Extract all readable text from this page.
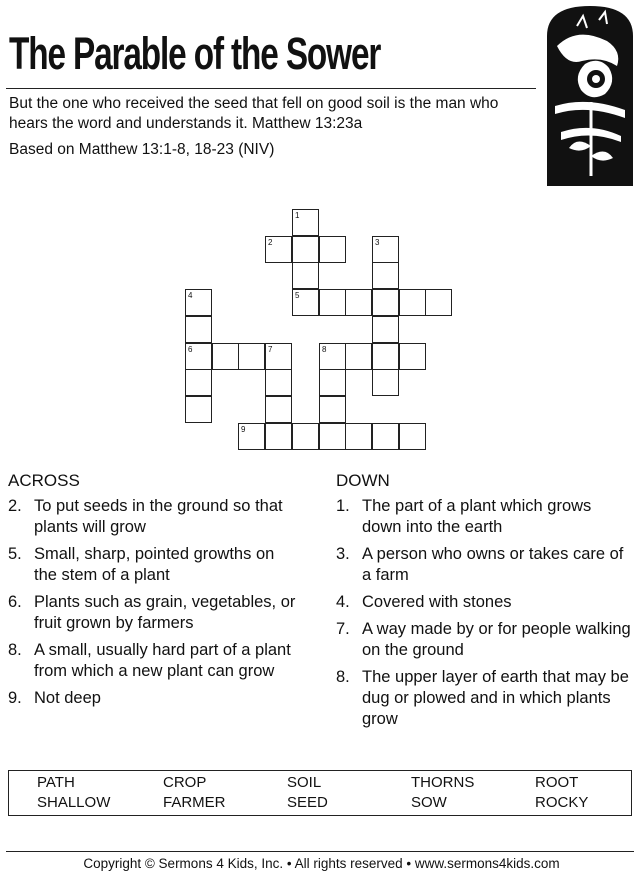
The Parable of the Sower

But the one who received the seed that fell on good soil is the man who hears the word and understands it. Matthew 13:23a

Based on Matthew 13:1-8, 18-23 (NIV)

1
2	3
4	5
6	7	8
9

ACROSS

2. To put seeds in the ground so that plants will grow
5. Small, sharp, pointed growths on the stem of a plant
6. Plants such as grain, vegetables, or fruit grown by farmers
8. A small, usually hard part of a plant from which a new plant can grow
9. Not deep

DOWN

1. The part of a plant which grows down into the earth
3. A person who owns or takes care of a farm
4. Covered with stones
7. A way made by or for people walking on the ground
8. The upper layer of earth that may be dug or plowed and in which plants grow
PATH	CROP	SOIL	THORNS	ROOT
SHALLOW	FARMER	SEED	SOW	ROCKY

Copyright © Sermons 4 Kids, Inc. • All rights reserved • www.sermons4kids.com
